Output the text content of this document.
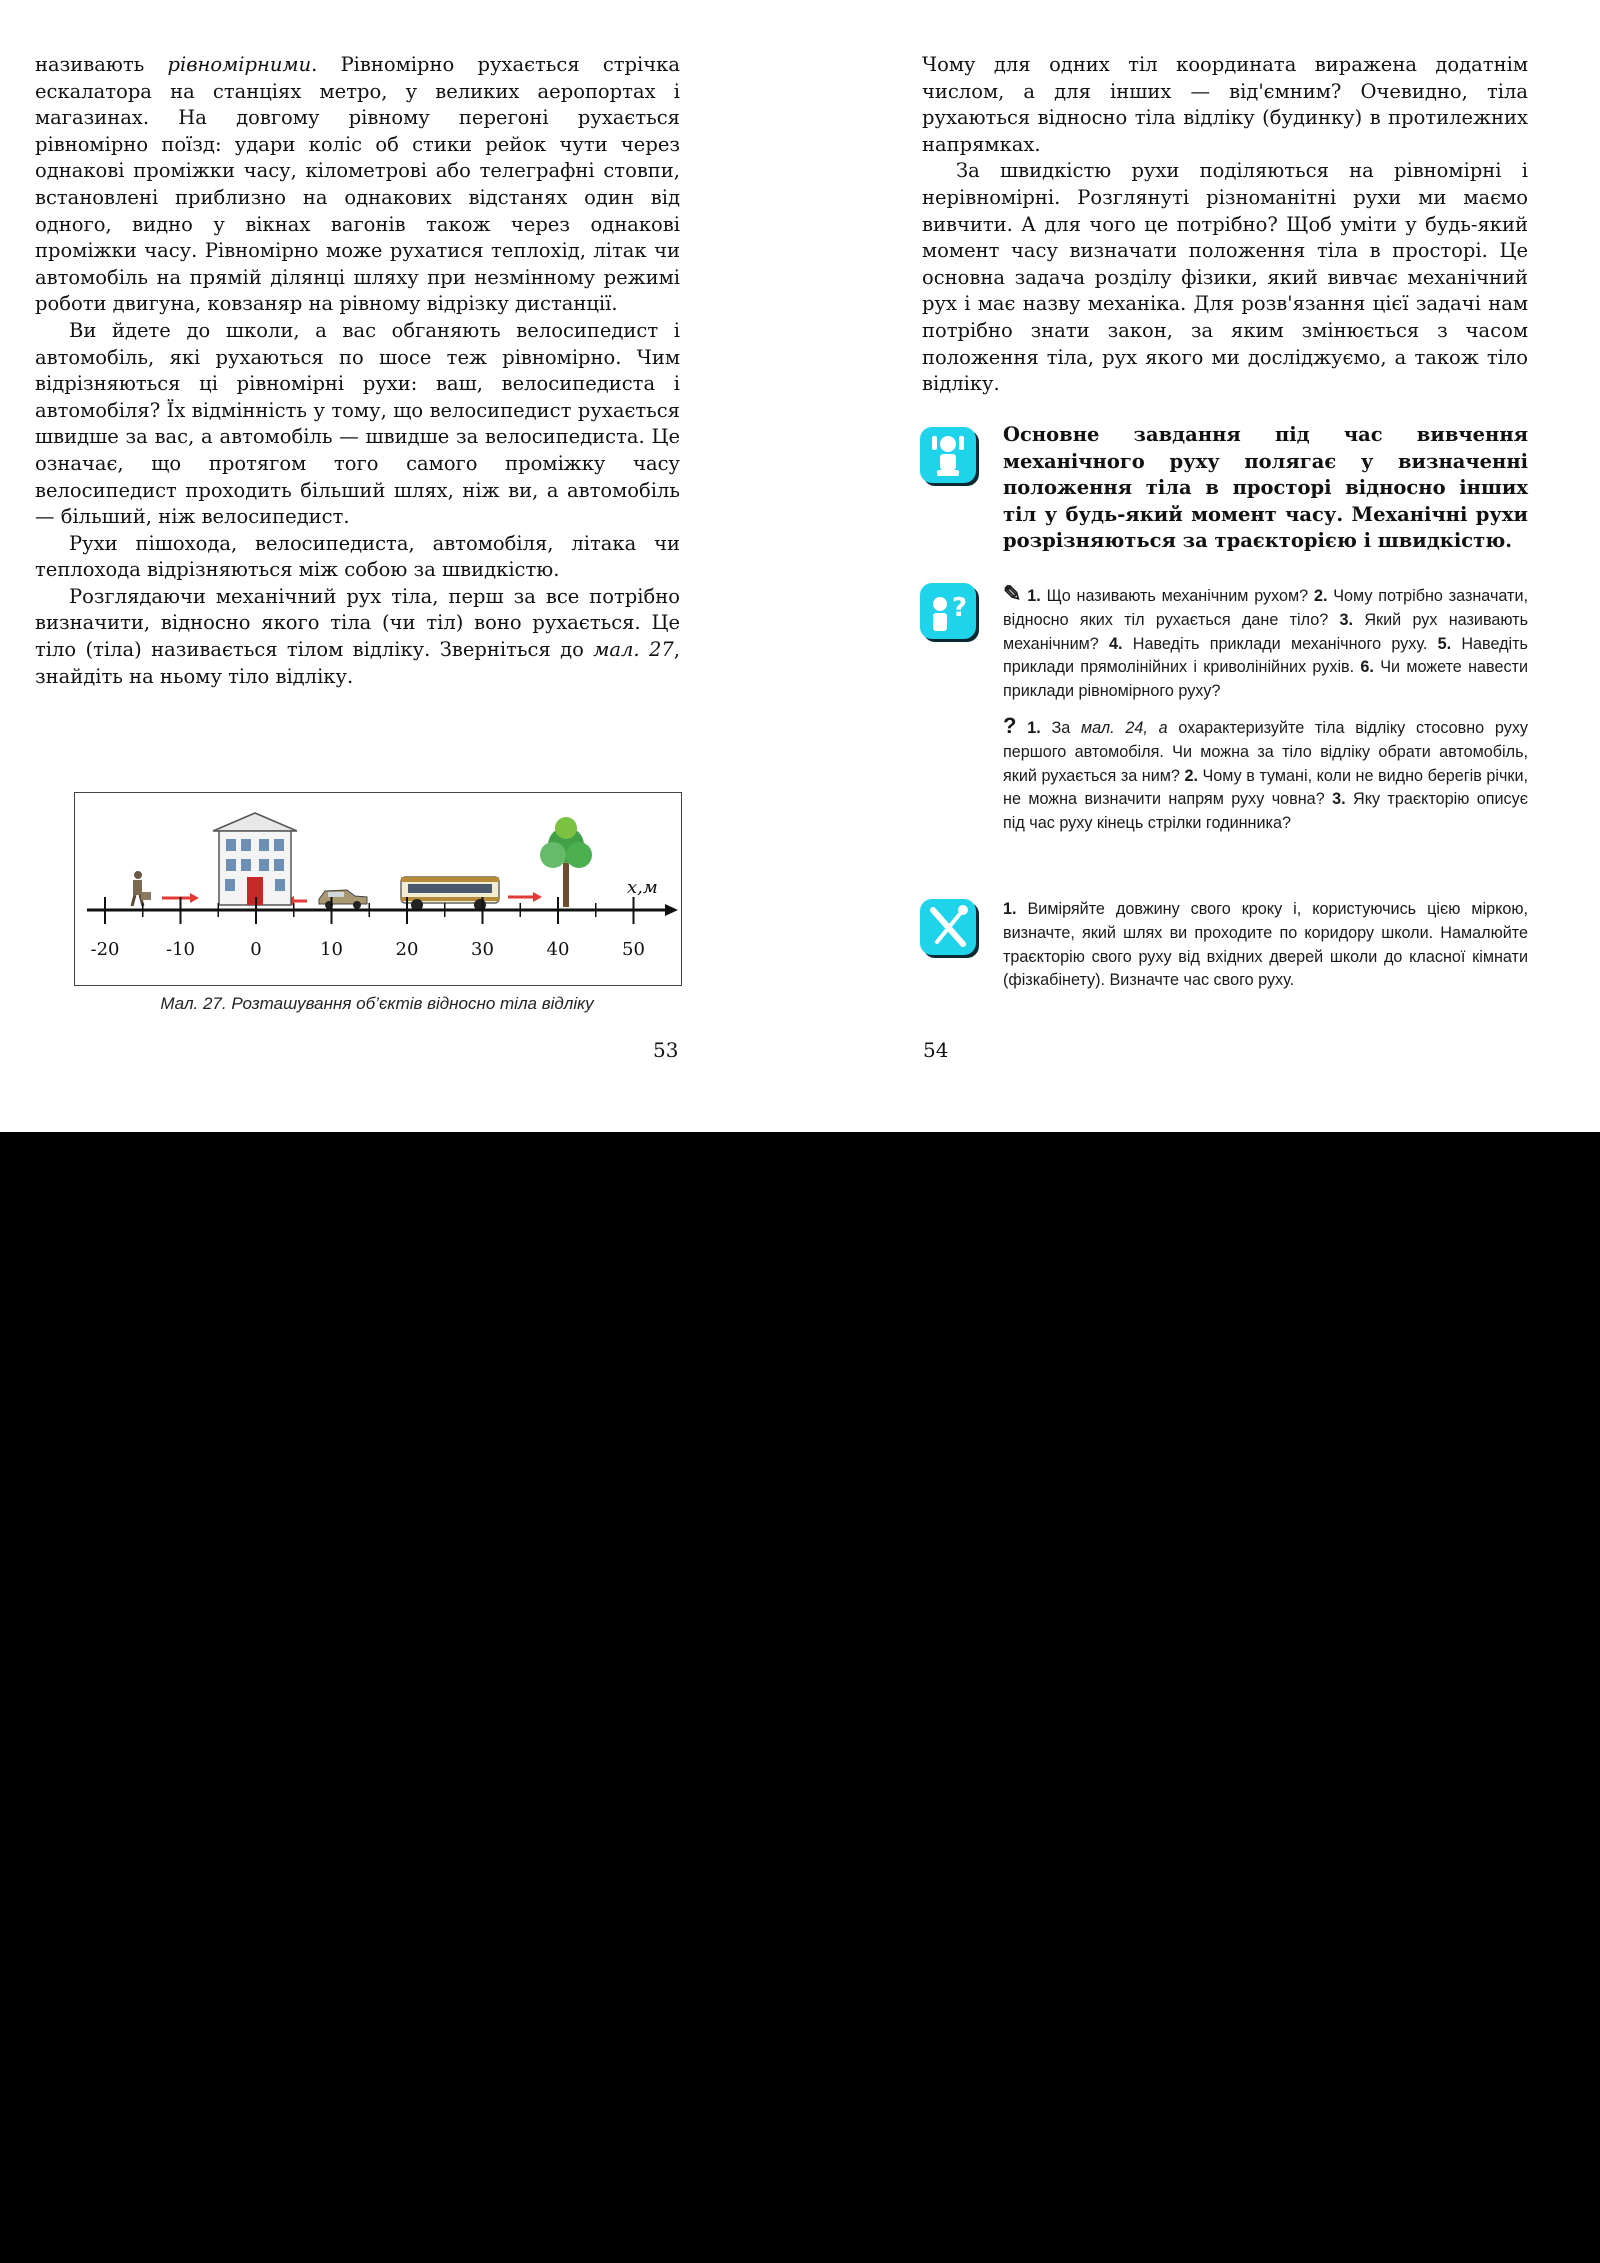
називають рівномірними. Рівномірно рухається стрічка ескалатора на станціях метро, у великих аеропортах і магазинах. На довгому рівному перегоні рухається рівномірно поїзд: удари коліс об стики рейок чути через однакові проміжки часу, кілометрові або телеграфні стовпи, встановлені приблизно на однакових відстанях один від одного, видно у вікнах вагонів також через однакові проміжки часу. Рівномірно може рухатися теплохід, літак чи автомобіль на прямій ділянці шляху при незмінному режимі роботи двигуна, ковзаняр на рівному відрізку дистанції.

Ви йдете до школи, а вас обганяють велосипедист і автомобіль, які рухаються по шосе теж рівномірно. Чим відрізняються ці рівномірні рухи: ваш, велосипедиста і автомобіля? Їх відмінність у тому, що велосипедист рухається швидше за вас, а автомобіль — швидше за велосипедиста. Це означає, що протягом того самого проміжку часу велосипедист проходить більший шлях, ніж ви, а автомобіль — більший, ніж велосипедист.

Рухи пішохода, велосипедиста, автомобіля, літака чи теплохода відрізняються між собою за швидкістю.

Розглядаючи механічний рух тіла, перш за все потрібно визначити, відносно якого тіла (чи тіл) воно рухається. Це тіло (тіла) називається тілом відліку. Зверніться до мал. 27, знайдіть на ньому тіло відліку.

-20	-10	0	10	20	30	40	50
x,м
Мал. 27. Розташування об’єктів відносно тіла відліку
53

Чому для одних тіл координата виражена додатнім числом, а для інших — від'ємним? Очевидно, тіла рухаються відносно тіла відліку (будинку) в протилежних напрямках.

За швидкістю рухи поділяються на рівномірні і нерівномірні. Розглянуті різноманітні рухи ми маємо вивчити. А для чого це потрібно? Щоб уміти у будь-який момент часу визначати положення тіла в просторі. Це основна задача розділу фізики, який вивчає механічний рух і має назву механіка. Для розв'язання цієї задачі нам потрібно знати закон, за яким змінюється з часом положення тіла, рух якого ми досліджуємо, а також тіло відліку.

Основне завдання під час вивчення механічного руху полягає у визначенні положення тіла в просторі відносно інших тіл у будь-який момент часу. Механічні рухи розрізняються за траєкторією і швидкістю.

? ✎ 1. Що називають механічним рухом? 2. Чому потрібно зазначати, відносно яких тіл рухається дане тіло? 3. Який рух називають механічним? 4. Наведіть приклади механічного руху. 5. Наведіть приклади прямолінійних і криволінійних рухів. 6. Чи можете навести приклади рівномірного руху?

? 1. За мал. 24, а охарактеризуйте тіла відліку стосовно руху першого автомобіля. Чи можна за тіло відліку обрати автомобіль, який рухається за ним? 2. Чому в тумані, коли не видно берегів річки, не можна визначити напрям руху човна? 3. Яку траєкторію описує під час руху кінець стрілки годинника?

1. Виміряйте довжину свого кроку і, користуючись цією міркою, визначте, який шлях ви проходите по коридору школи. Намалюйте траєкторію свого руху від вхідних дверей школи до класної кімнати (фізкабінету). Визначте час свого руху.

54
